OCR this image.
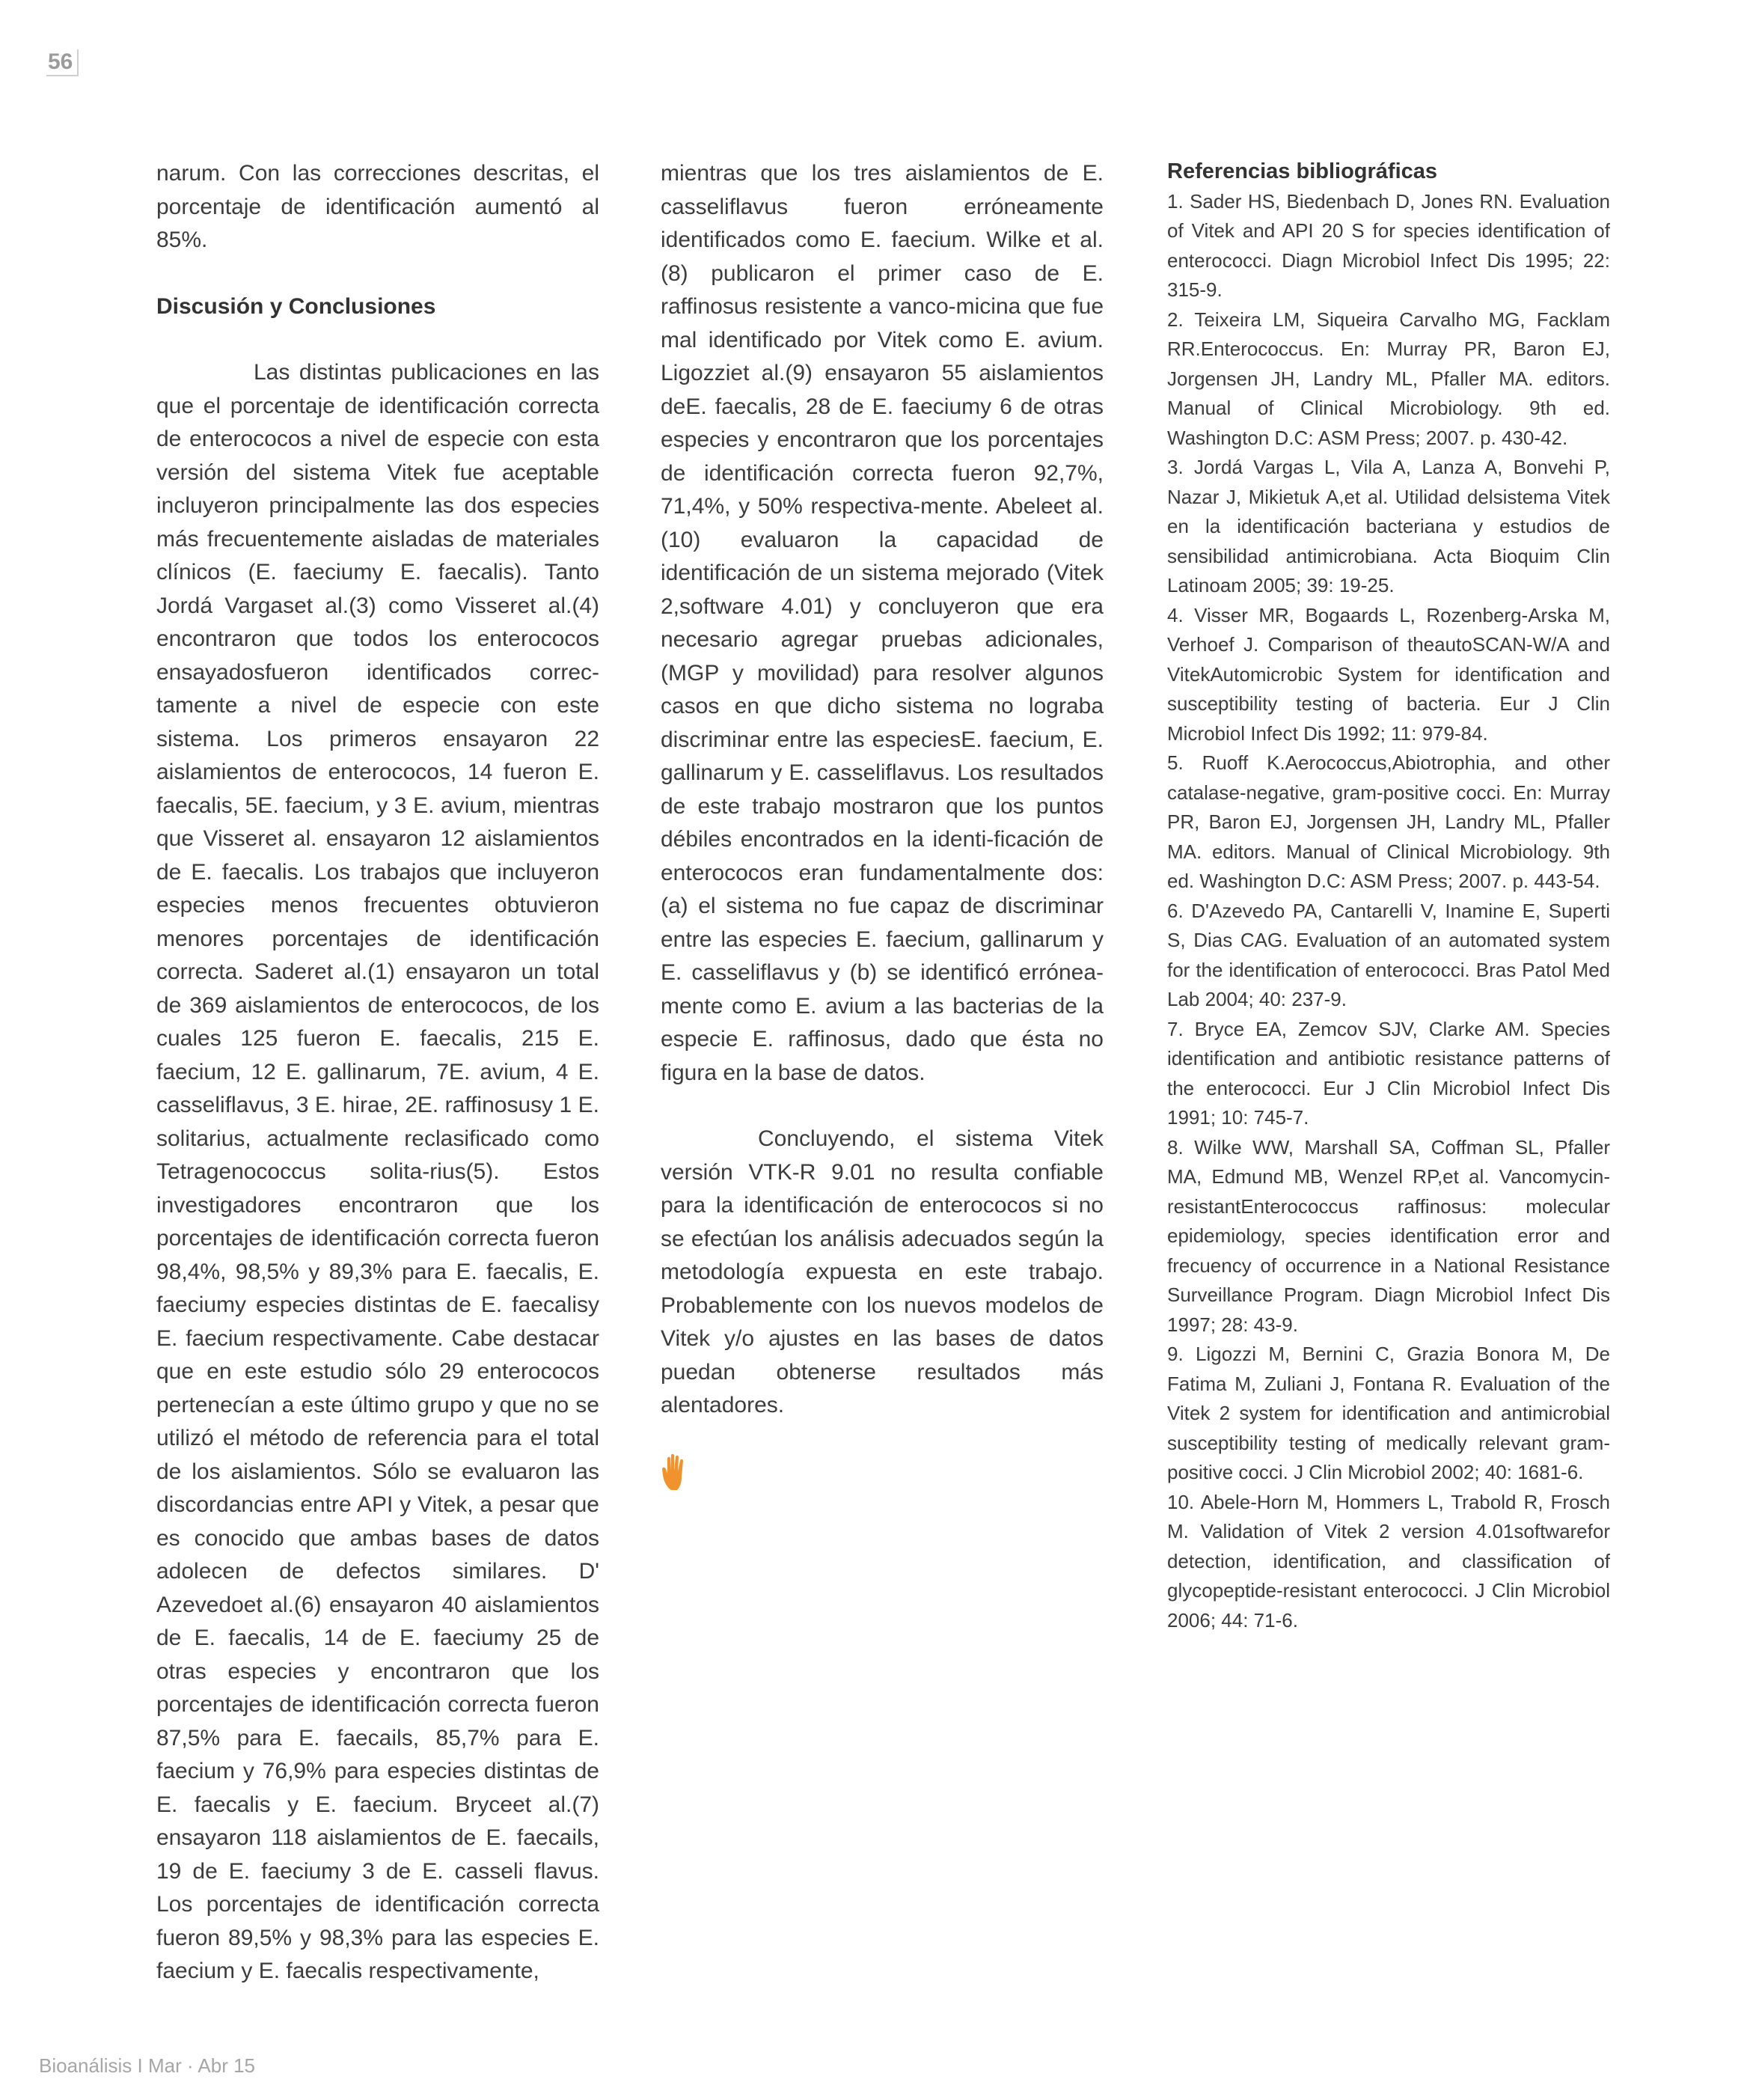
56

narum. Con las correcciones descritas, el porcentaje de identificación aumentó al 85%.

Discusión y Conclusiones

Las distintas publicaciones en las que el porcentaje de identificación correcta de enterococos a nivel de especie con esta versión del sistema Vitek fue aceptable incluyeron principalmente las dos especies más frecuentemente aisladas de materiales clínicos (E. faeciumy E. faecalis). Tanto Jordá Vargaset al.(3) como Visseret al.(4) encontraron que todos los enterococos ensayadosfueron identificados correc-tamente a nivel de especie con este sistema. Los primeros ensayaron 22 aislamientos de enterococos, 14 fueron E. faecalis, 5E. faecium, y 3 E. avium, mientras que Visseret al. ensayaron 12 aislamientos de E. faecalis. Los trabajos que incluyeron especies menos frecuentes obtuvieron menores porcentajes de identificación correcta. Saderet al.(1) ensayaron un total de 369 aislamientos de enterococos, de los cuales 125 fueron E. faecalis, 215 E. faecium, 12 E. gallinarum, 7E. avium, 4 E. casseliflavus, 3 E. hirae, 2E. raffinosusy 1 E. solitarius, actualmente reclasificado como Tetragenococcus solita-rius(5). Estos investigadores encontraron que los porcentajes de identificación correcta fueron 98,4%, 98,5% y 89,3% para E. faecalis, E. faeciumy especies distintas de E. faecalisy E. faecium respectivamente. Cabe destacar que en este estudio sólo 29 enterococos pertenecían a este último grupo y que no se utilizó el método de referencia para el total de los aislamientos. Sólo se evaluaron las discordancias entre API y Vitek, a pesar que es conocido que ambas bases de datos adolecen de defectos similares. D' Azevedoet al.(6) ensayaron 40 aislamientos de E. faecalis, 14 de E. faeciumy 25 de otras especies y encontraron que los porcentajes de identificación correcta fueron 87,5% para E. faecails, 85,7% para E. faecium y 76,9% para especies distintas de E. faecalis y E. faecium. Bryceet al.(7) ensayaron 118 aislamientos de E. faecails, 19 de E. faeciumy 3 de E. casseli flavus. Los porcentajes de identificación correcta fueron 89,5% y 98,3% para las especies E. faecium y E. faecalis respectivamente,

mientras que los tres aislamientos de E. casseliflavus fueron erróneamente identificados como E. faecium. Wilke et al.(8) publicaron el primer caso de E. raffinosus resistente a vanco-micina que fue mal identificado por Vitek como E. avium. Ligozziet al.(9) ensayaron 55 aislamientos deE. faecalis, 28 de E. faeciumy 6 de otras especies y encontraron que los porcentajes de identificación correcta fueron 92,7%, 71,4%, y 50% respectiva-mente. Abeleet al.(10) evaluaron la capacidad de identificación de un sistema mejorado (Vitek 2,software 4.01) y concluyeron que era necesario agregar pruebas adicionales, (MGP y movilidad) para resolver algunos casos en que dicho sistema no lograba discriminar entre las especiesE. faecium, E. gallinarum y E. casseliflavus. Los resultados de este trabajo mostraron que los puntos débiles encontrados en la identi-ficación de enterococos eran fundamentalmente dos: (a) el sistema no fue capaz de discriminar entre las especies E. faecium, gallinarum y E. casseliflavus y (b) se identificó errónea-mente como E. avium a las bacterias de la especie E. raffinosus, dado que ésta no figura en la base de datos.

Concluyendo, el sistema Vitek versión VTK-R 9.01 no resulta confiable para la identificación de enterococos si no se efectúan los análisis adecuados según la metodología expuesta en este trabajo. Probablemente con los nuevos modelos de Vitek y/o ajustes en las bases de datos puedan obtenerse resultados más alentadores.

Referencias bibliográficas

1. Sader HS, Biedenbach D, Jones RN. Evaluation of Vitek and API 20 S for species identification of enterococci. Diagn Microbiol Infect Dis 1995; 22: 315-9.

2. Teixeira LM, Siqueira Carvalho MG, Facklam RR.Enterococcus. En: Murray PR, Baron EJ, Jorgensen JH, Landry ML, Pfaller MA. editors. Manual of Clinical Microbiology. 9th ed. Washington D.C: ASM Press; 2007. p. 430-42.

3. Jordá Vargas L, Vila A, Lanza A, Bonvehi P, Nazar J, Mikietuk A,et al. Utilidad delsistema Vitek en la identificación bacteriana y estudios de sensibilidad antimicrobiana. Acta Bioquim Clin Latinoam 2005; 39: 19-25.

4. Visser MR, Bogaards L, Rozenberg-Arska M, Verhoef J. Comparison of theautoSCAN-W/A and VitekAutomicrobic System for identification and susceptibility testing of bacteria. Eur J Clin Microbiol Infect Dis 1992; 11: 979-84.

5. Ruoff K.Aerococcus,Abiotrophia, and other catalase-negative, gram-positive cocci. En: Murray PR, Baron EJ, Jorgensen JH, Landry ML, Pfaller MA. editors. Manual of Clinical Microbiology. 9th ed. Washington D.C: ASM Press; 2007. p. 443-54.

6. D'Azevedo PA, Cantarelli V, Inamine E, Superti S, Dias CAG. Evaluation of an automated system for the identification of enterococci. Bras Patol Med Lab 2004; 40: 237-9.

7. Bryce EA, Zemcov SJV, Clarke AM. Species identification and antibiotic resistance patterns of the enterococci. Eur J Clin Microbiol Infect Dis 1991; 10: 745-7.

8. Wilke WW, Marshall SA, Coffman SL, Pfaller MA, Edmund MB, Wenzel RP,et al. Vancomycin-resistantEnterococcus raffinosus: molecular epidemiology, species identification error and frecuency of occurrence in a National Resistance Surveillance Program. Diagn Microbiol Infect Dis 1997; 28: 43-9.

9. Ligozzi M, Bernini C, Grazia Bonora M, De Fatima M, Zuliani J, Fontana R. Evaluation of the Vitek 2 system for identification and antimicrobial susceptibility testing of medically relevant gram-positive cocci. J Clin Microbiol 2002; 40: 1681-6.

10. Abele-Horn M, Hommers L, Trabold R, Frosch M. Validation of Vitek 2 version 4.01softwarefor detection, identification, and classification of glycopeptide-resistant enterococci. J Clin Microbiol 2006; 44: 71-6.

Bioanálisis I Mar · Abr 15
